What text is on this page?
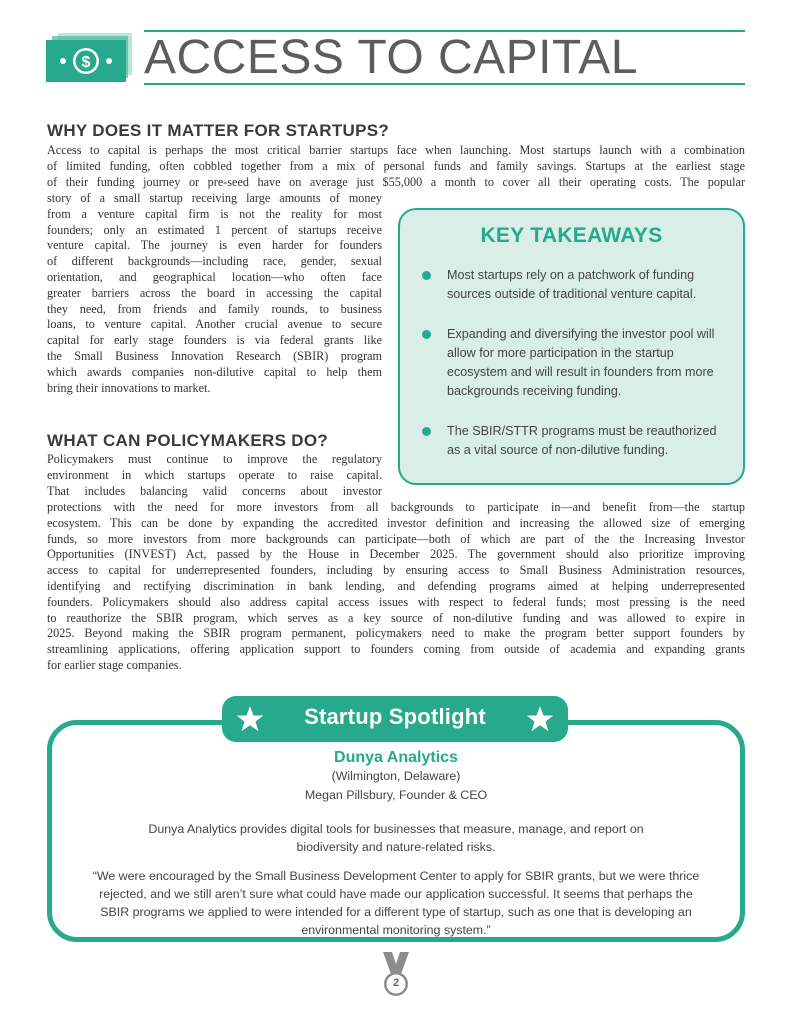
$ ACCESS TO CAPITAL
WHY DOES IT MATTER FOR STARTUPS?
Access to capital is perhaps the most critical barrier startups face when launching. Most startups launch with a combination
of limited funding, often cobbled together from a mix of personal funds and family savings. Startups at the earliest stage
of their funding journey or pre-seed have on average just $55,000 a month to cover all their operating costs. The popular
story of a small startup receiving large amounts of money
from a venture capital firm is not the reality for most
founders; only an estimated 1 percent of startups receive
venture capital. The journey is even harder for founders
of different backgrounds—including race, gender, sexual
orientation, and geographical location—who often face
greater barriers across the board in accessing the capital
they need, from friends and family rounds, to business
loans, to venture capital. Another crucial avenue to secure
capital for early stage founders is via federal grants like
the Small Business Innovation Research (SBIR) program
which awards companies non-dilutive capital to help them
bring their innovations to market.
WHAT CAN POLICYMAKERS DO?
Policymakers must continue to improve the regulatory
environment in which startups operate to raise capital.
That includes balancing valid concerns about investor
protections with the need for more investors from all backgrounds to participate in—and benefit from—the startup
ecosystem. This can be done by expanding the accredited investor definition and increasing the allowed size of emerging
funds, so more investors from more backgrounds can participate—both of which are part of the the Increasing Investor
Opportunities (INVEST) Act, passed by the House in December 2025. The government should also prioritize improving
access to capital for underrepresented founders, including by ensuring access to Small Business Administration resources,
identifying and rectifying discrimination in bank lending, and defending programs aimed at helping underrepresented
founders. Policymakers should also address capital access issues with respect to federal funds; most pressing is the need
to reauthorize the SBIR program, which serves as a key source of non-dilutive funding and was allowed to expire in
2025. Beyond making the SBIR program permanent, policymakers need to make the program better support founders by
streamlining applications, offering application support to founders coming from outside of academia and expanding grants
for earlier stage companies.
KEY TAKEAWAYS
Most startups rely on a patchwork of funding sources outside of traditional venture capital.
Expanding and diversifying the investor pool will allow for more participation in the startup ecosystem and will result in founders from more backgrounds receiving funding.
The SBIR/STTR programs must be reauthorized as a vital source of non-dilutive funding.
Startup Spotlight
Dunya Analytics
(Wilmington, Delaware)
Megan Pillsbury, Founder & CEO
Dunya Analytics provides digital tools for businesses that measure, manage, and report on biodiversity and nature-related risks.
“We were encouraged by the Small Business Development Center to apply for SBIR grants, but we were thrice rejected, and we still aren’t sure what could have made our application successful. It seems that perhaps the SBIR programs we applied to were intended for a different type of startup, such as one that is developing an environmental monitoring system.”
2
